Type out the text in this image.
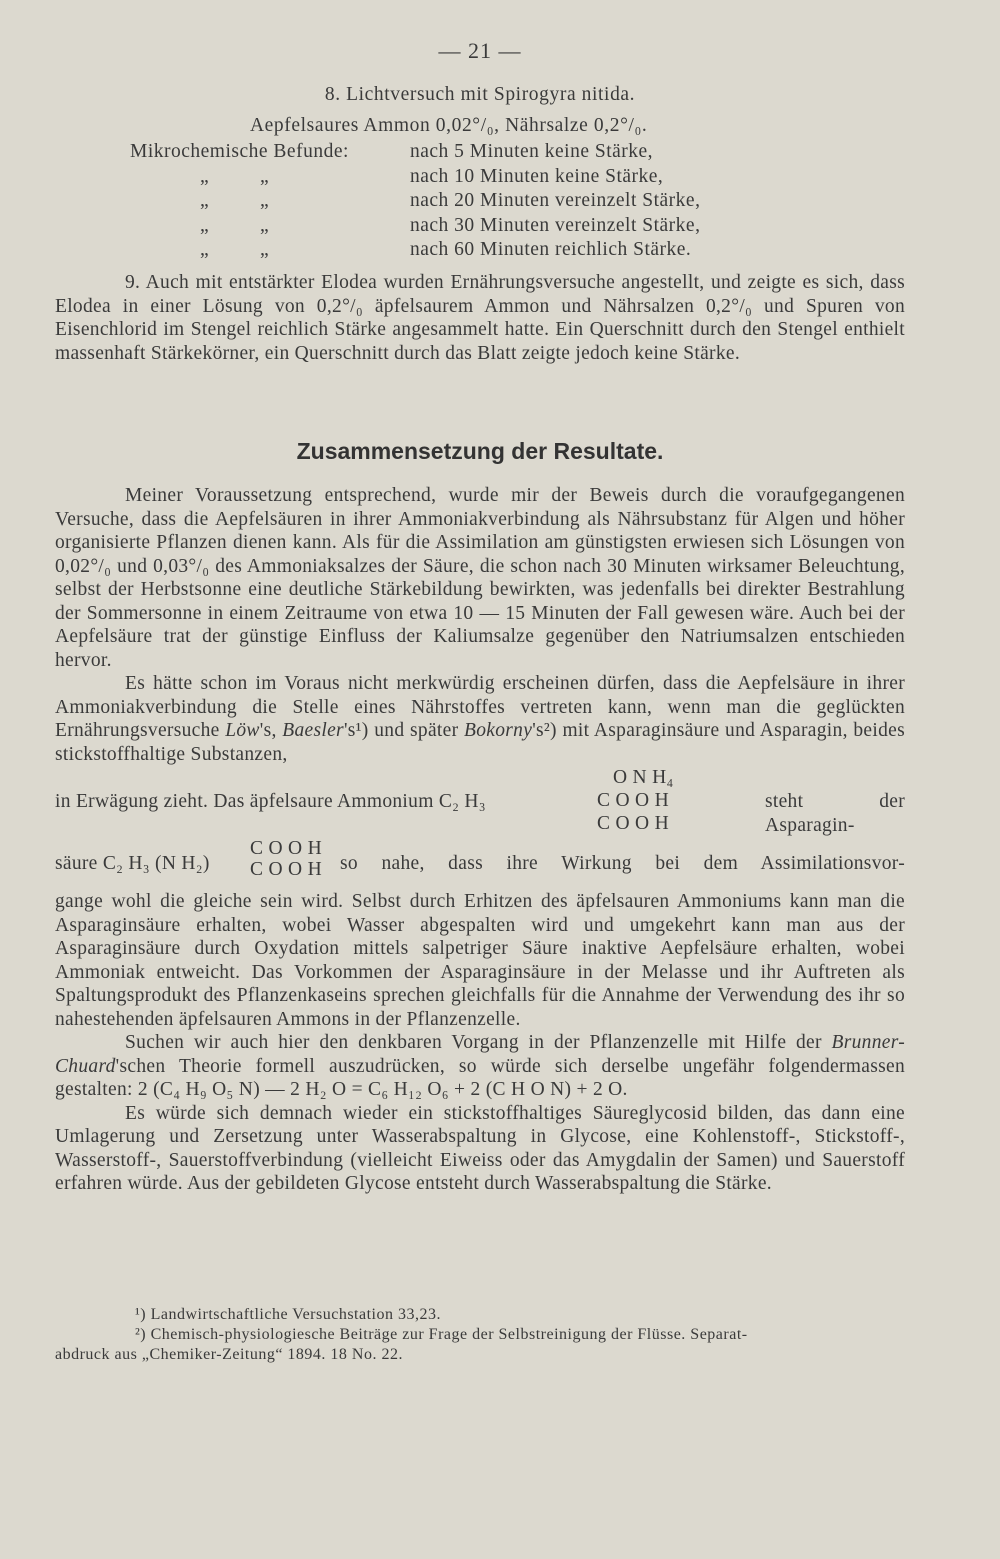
— 21 —
8. Lichtversuch mit Spirogyra nitida.
Aepfelsaures Ammon 0,02°/₀, Nährsalze 0,2°/₀.
Mikrochemische Befunde:	nach 5 Minuten keine Stärke,
„	„	nach 10 Minuten keine Stärke,
„	„	nach 20 Minuten vereinzelt Stärke,
„	„	nach 30 Minuten vereinzelt Stärke,
„	„	nach 60 Minuten reichlich Stärke.
9. Auch mit entstärkter Elodea wurden Ernährungsversuche angestellt, und zeigte es sich, dass Elodea in einer Lösung von 0,2°/₀ äpfelsaurem Ammon und Nährsalzen 0,2°/₀ und Spuren von Eisenchlorid im Stengel reichlich Stärke angesammelt hatte. Ein Querschnitt durch den Stengel enthielt massenhaft Stärkekörner, ein Querschnitt durch das Blatt zeigte jedoch keine Stärke.
Zusammensetzung der Resultate.
Meiner Voraussetzung entsprechend, wurde mir der Beweis durch die voraufgegangenen Versuche, dass die Aepfelsäuren in ihrer Ammoniakverbindung als Nährsubstanz für Algen und höher organisierte Pflanzen dienen kann. Als für die Assimilation am günstigsten erwiesen sich Lösungen von 0,02°/₀ und 0,03°/₀ des Ammoniaksalzes der Säure, die schon nach 30 Minuten wirksamer Beleuchtung, selbst der Herbstsonne eine deutliche Stärkebildung bewirkten, was jedenfalls bei direkter Bestrahlung der Sommersonne in einem Zeitraume von etwa 10 — 15 Minuten der Fall gewesen wäre. Auch bei der Aepfelsäure trat der günstige Einfluss der Kaliumsalze gegenüber den Natriumsalzen entschieden hervor.
Es hätte schon im Voraus nicht merkwürdig erscheinen dürfen, dass die Aepfelsäure in ihrer Ammoniakverbindung die Stelle eines Nährstoffes vertreten kann, wenn man die geglückten Ernährungsversuche Löw's, Baesler's¹) und später Bokorny's²) mit Asparaginsäure und Asparagin, beides stickstoffhaltige Substanzen,
in Erwägung zieht. Das äpfelsaure Ammonium C₂ H₃
O N H₄
C O O H
C O O H
steht der Asparagin-
säure C₂ H₃ (N H₂)
C O O H
C O O H so nahe, dass ihre Wirkung bei dem Assimilationsvor-
gange wohl die gleiche sein wird. Selbst durch Erhitzen des äpfelsauren Ammoniums kann man die Asparaginsäure erhalten, wobei Wasser abgespalten wird und umgekehrt kann man aus der Asparaginsäure durch Oxydation mittels salpetriger Säure inaktive Aepfelsäure erhalten, wobei Ammoniak entweicht. Das Vorkommen der Asparaginsäure in der Melasse und ihr Auftreten als Spaltungsprodukt des Pflanzenkaseins sprechen gleichfalls für die Annahme der Verwendung des ihr so nahestehenden äpfelsauren Ammons in der Pflanzenzelle.
Suchen wir auch hier den denkbaren Vorgang in der Pflanzenzelle mit Hilfe der Brunner-Chuard'schen Theorie formell auszudrücken, so würde sich derselbe ungefähr folgendermassen gestalten: 2 (C₄ H₉ O₅ N) — 2 H₂ O = C₆ H₁₂ O₆ + 2 (C H O N) + 2 O.
Es würde sich demnach wieder ein stickstoffhaltiges Säureglycosid bilden, das dann eine Umlagerung und Zersetzung unter Wasserabspaltung in Glycose, eine Kohlenstoff-, Stickstoff-, Wasserstoff-, Sauerstoffverbindung (vielleicht Eiweiss oder das Amygdalin der Samen) und Sauerstoff erfahren würde. Aus der gebildeten Glycose entsteht durch Wasserabspaltung die Stärke.
¹) Landwirtschaftliche Versuchstation 33,23.
²) Chemisch-physiologiesche Beiträge zur Frage der Selbstreinigung der Flüsse. Separat-
abdruck aus „Chemiker-Zeitung“ 1894. 18 No. 22.
